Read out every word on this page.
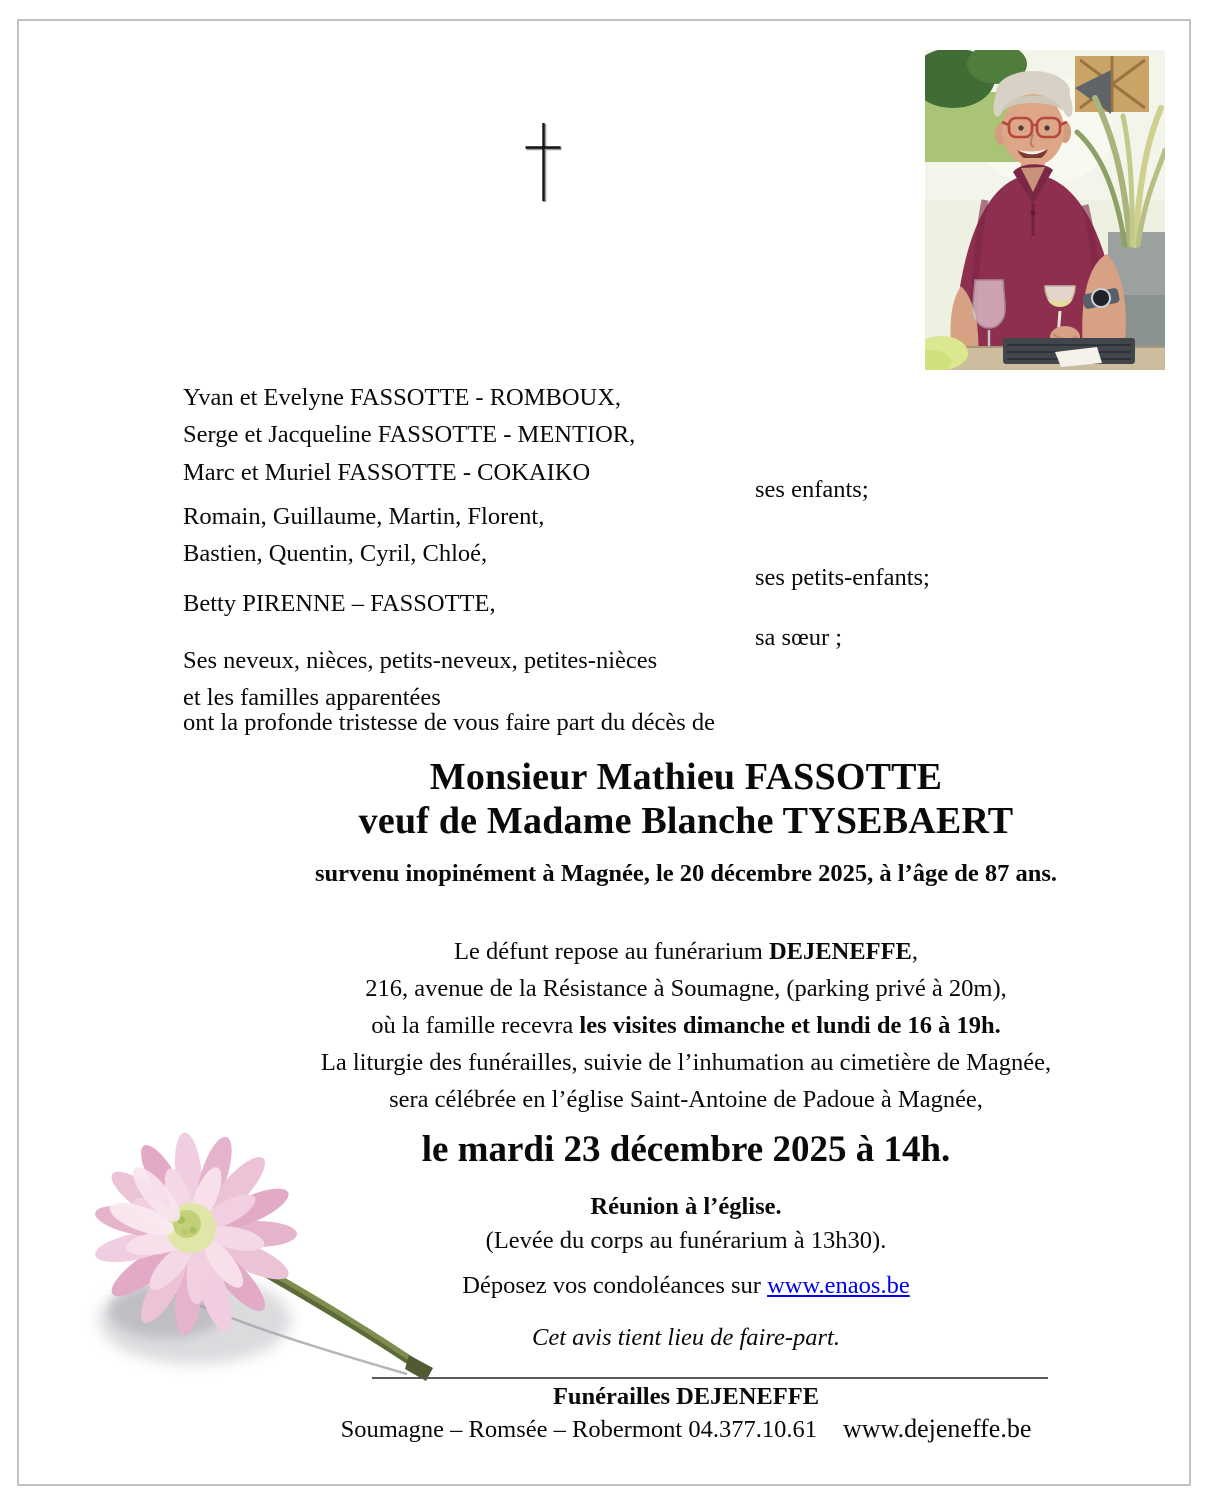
Yvan et Evelyne FASSOTTE - ROMBOUX,
Serge et Jacqueline FASSOTTE - MENTIOR,
Marc et Muriel FASSOTTE - COKAIKO
ses enfants;
Romain, Guillaume, Martin, Florent,
Bastien, Quentin, Cyril, Chloé,
ses petits-enfants;
Betty PIRENNE – FASSOTTE,
sa sœur ;
Ses neveux, nièces, petits-neveux, petites-nièces
et les familles apparentées
ont la profonde tristesse de vous faire part du décès de
Monsieur Mathieu FASSOTTE
veuf de Madame Blanche TYSEBAERT
survenu inopinément à Magnée, le 20 décembre 2025, à l’âge de 87 ans.
Le défunt repose au funérarium DEJENEFFE,
216, avenue de la Résistance à Soumagne, (parking privé à 20m),
où la famille recevra les visites dimanche et lundi de 16 à 19h.
La liturgie des funérailles, suivie de l’inhumation au cimetière de Magnée,
sera célébrée en l’église Saint-Antoine de Padoue à Magnée,
le mardi 23 décembre 2025 à 14h.
Réunion à l’église.
(Levée du corps au funérarium à 13h30).
Déposez vos condoléances sur www.enaos.be
Cet avis tient lieu de faire-part.
Funérailles DEJENEFFE
Soumagne – Romsée – Robermont 04.377.10.61 www.dejeneffe.be
